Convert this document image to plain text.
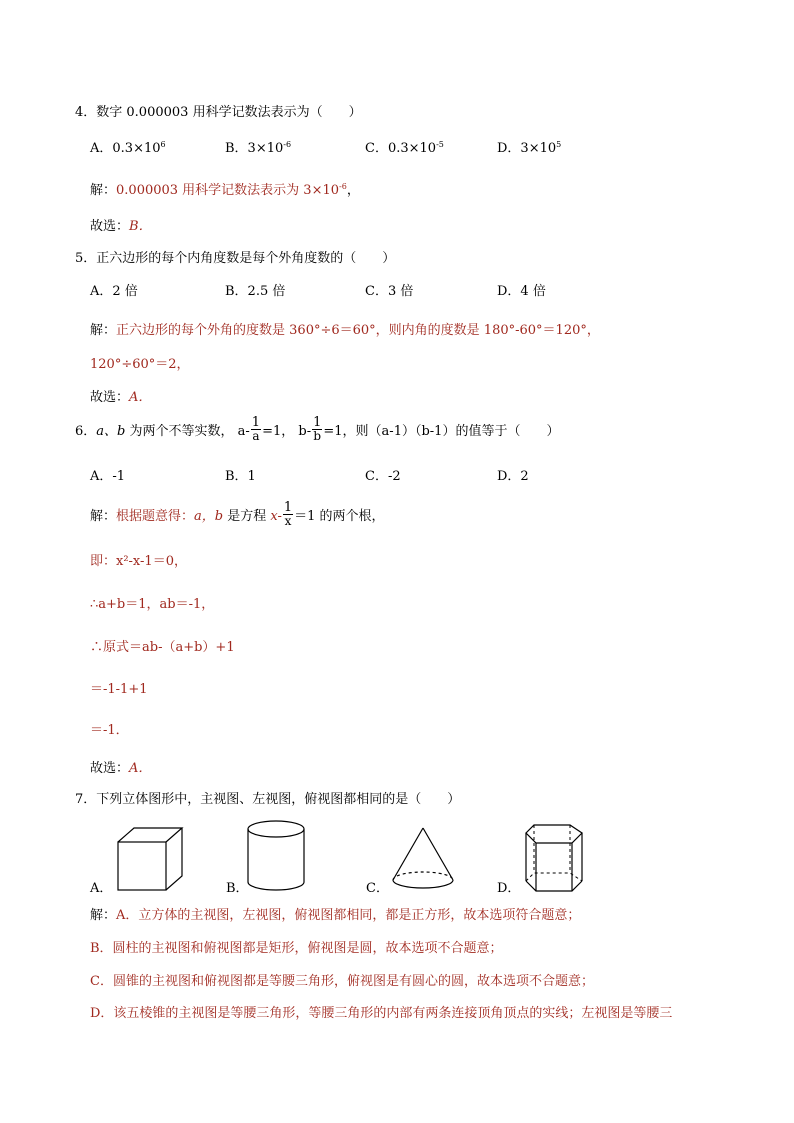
4．数字 0.000003 用科学记数法表示为（　　）
A．$0.3\times 10^6$	B．$3\times 10^{-6}$	C．$0.3\times 10^{-5}$	D．$3\times 10^5$
解：0.000003 用科学记数法表示为 $3\times 10^{-6}$，
故选：B．
5．正六边形的每个内角度数是每个外角度数的（　　）
A．2 倍	B．2.5 倍	C．3 倍	D．4 倍
解：正六边形的每个外角的度数是 360°÷6＝60°，则内角的度数是 180°-60°＝120°，
120°÷60°＝2，
故选：A．
6．a、b 为两个不等实数， $a- \frac{1}{a} =1$， $b- \frac{1}{b} =1$，则（a-1）（b-1）的值等于（　　）
A．-1	B．1	C．-2	D．2
解：根据题意得：a，b 是方程 $x- \frac{1}{x} =1$ 的两个根，
即：x²-x-1＝0，
∴a+b＝1，ab＝-1，
∴原式＝ab-（a+b）+1
＝-1-1+1
＝-1．
故选：A．
7．下列立体图形中，主视图、左视图，俯视图都相同的是（　　）
A．	B．	C．	D．
解：A．立方体的主视图，左视图，俯视图都相同，都是正方形，故本选项符合题意；
B．圆柱的主视图和俯视图都是矩形，俯视图是圆，故本选项不合题意；
C．圆锥的主视图和俯视图都是等腰三角形，俯视图是有圆心的圆，故本选项不合题意；
D．该五棱锥的主视图是等腰三角形，等腰三角形的内部有两条连接顶角顶点的实线；左视图是等腰三
